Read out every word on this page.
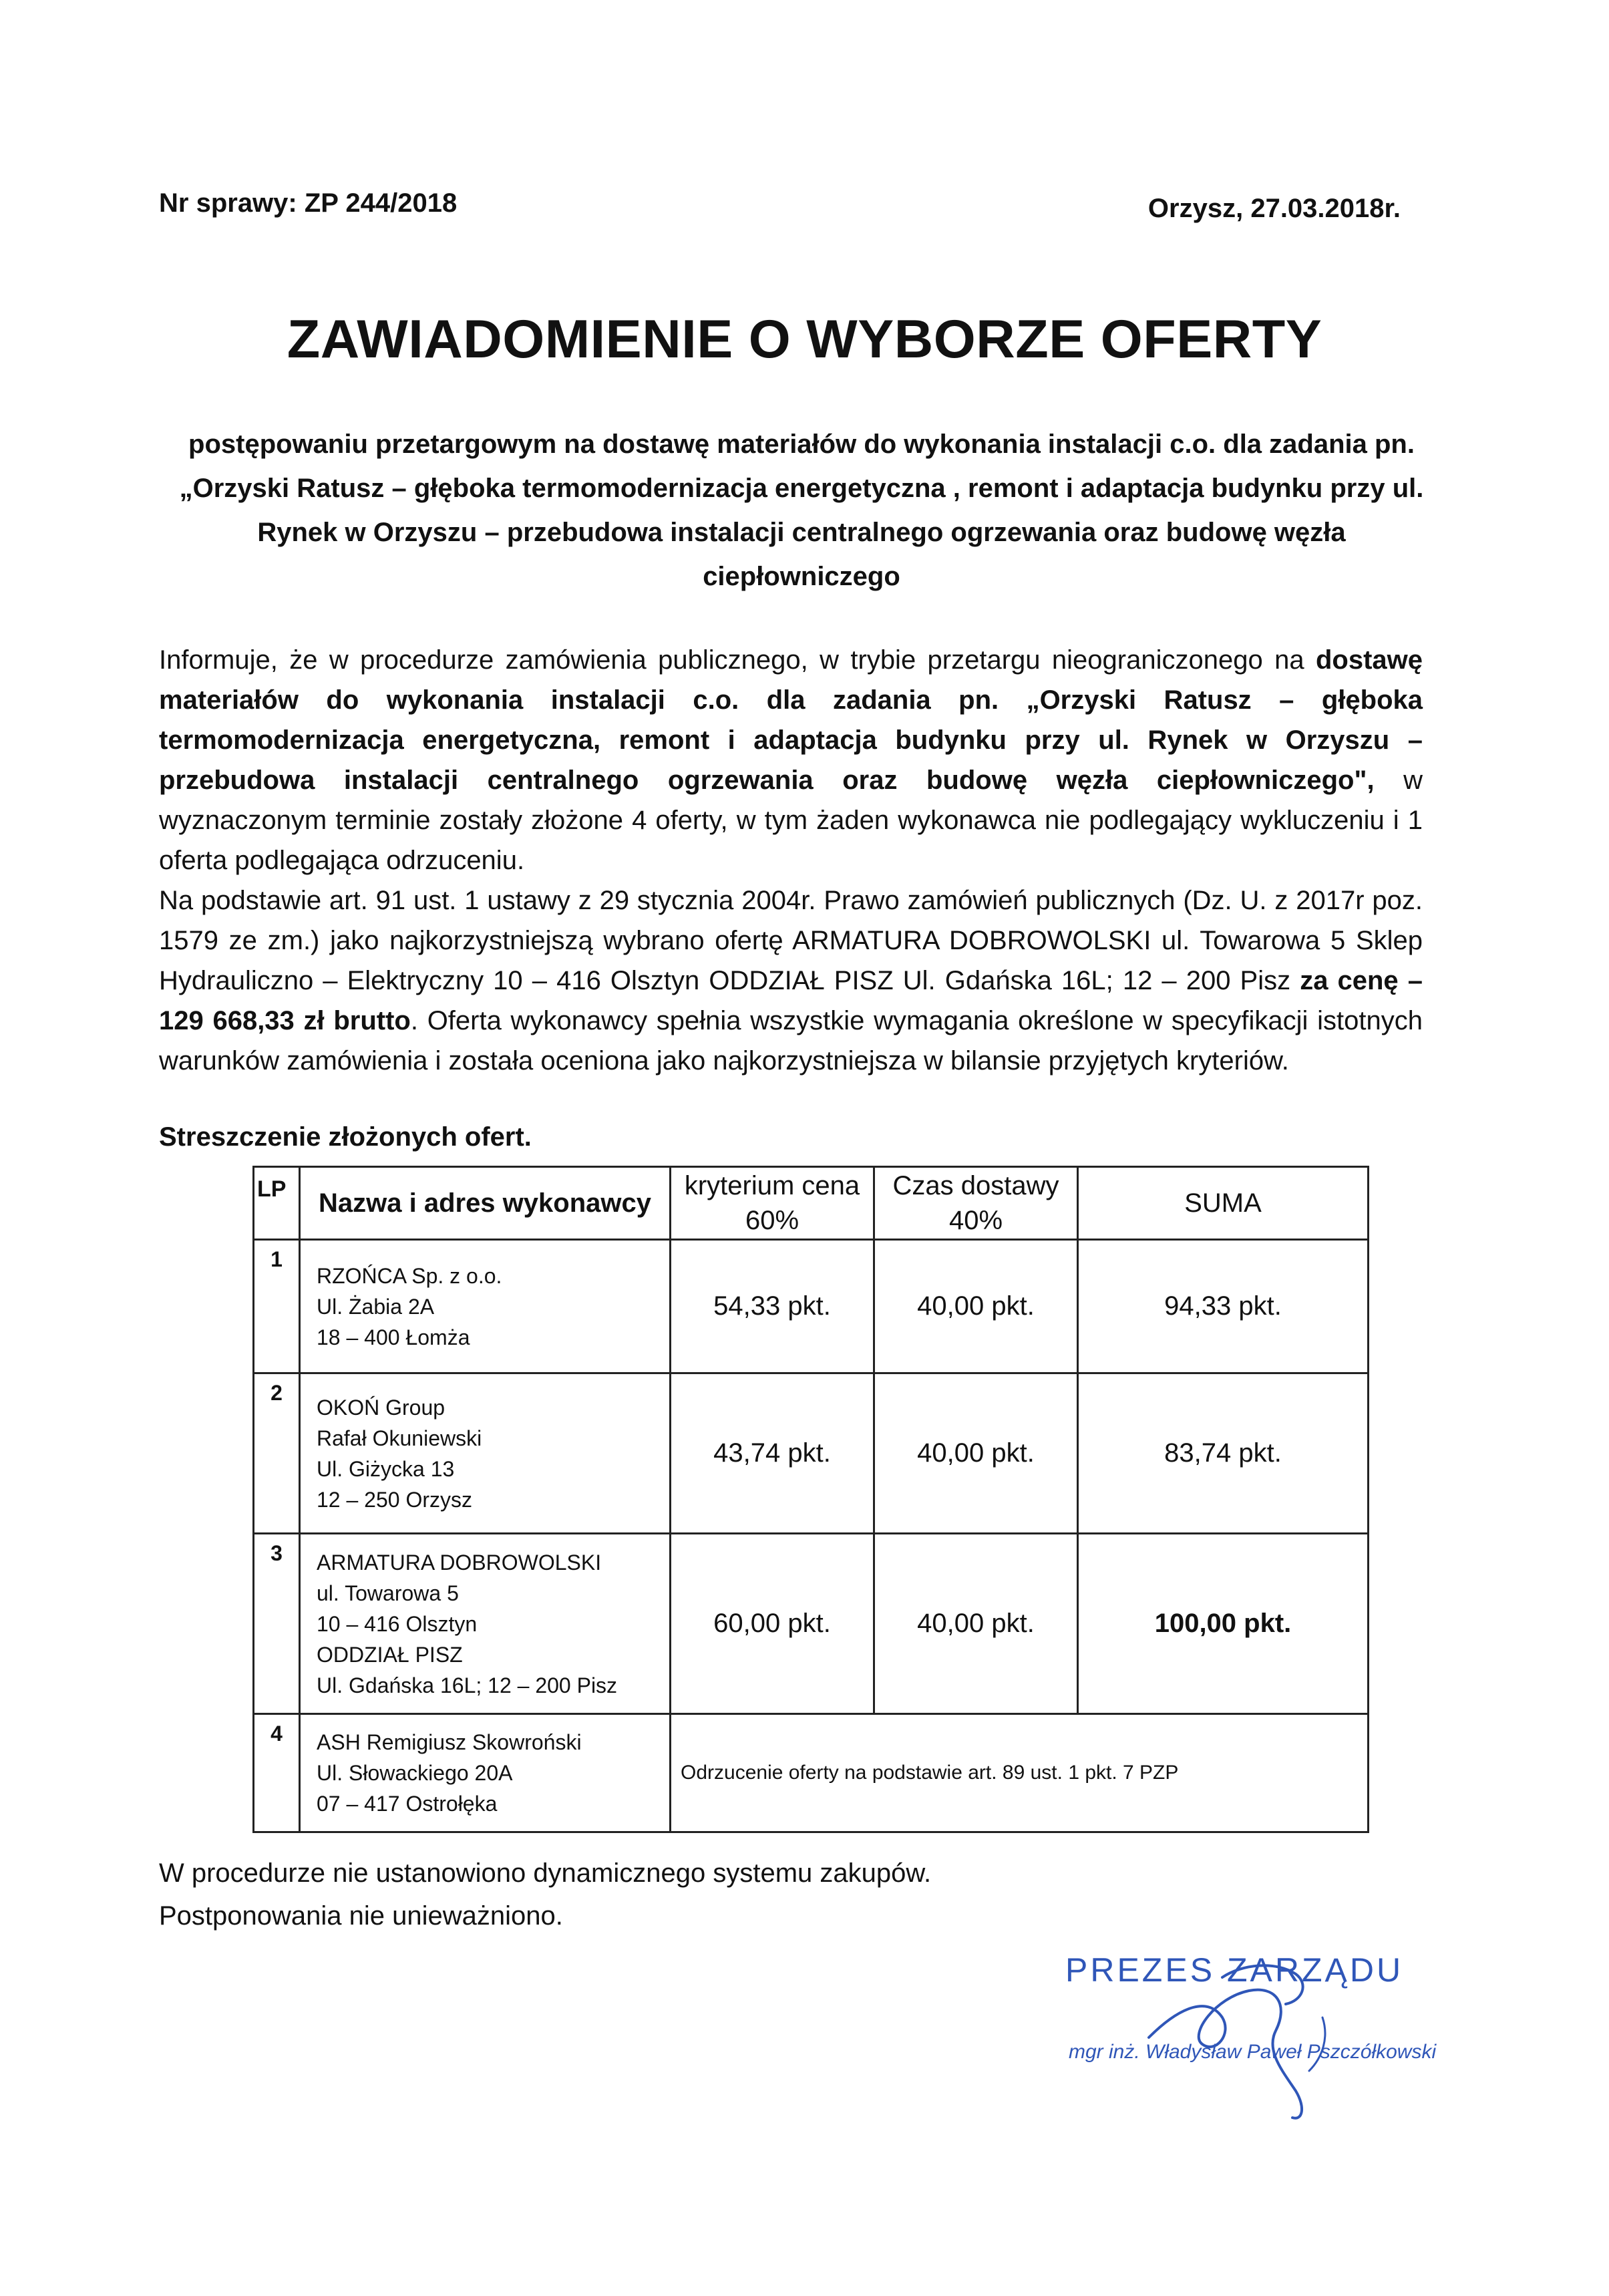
Nr sprawy: ZP 244/2018	Orzysz, 27.03.2018r.
ZAWIADOMIENIE O WYBORZE OFERTY
postępowaniu przetargowym na dostawę materiałów do wykonania instalacji c.o. dla zadania pn. „Orzyski Ratusz – głęboka termomodernizacja energetyczna , remont i adaptacja budynku przy ul. Rynek w Orzyszu – przebudowa instalacji centralnego ogrzewania oraz budowę węzła ciepłowniczego

Informuje, że w procedurze zamówienia publicznego, w trybie przetargu nieograniczonego na dostawę materiałów do wykonania instalacji c.o. dla zadania pn. „Orzyski Ratusz – głęboka termomodernizacja energetyczna, remont i adaptacja budynku przy ul. Rynek w Orzyszu – przebudowa instalacji centralnego ogrzewania oraz budowę węzła ciepłowniczego", w wyznaczonym terminie zostały złożone 4 oferty, w tym żaden wykonawca nie podlegający wykluczeniu i 1 oferta podlegająca odrzuceniu.

Na podstawie art. 91 ust. 1 ustawy z 29 stycznia 2004r. Prawo zamówień publicznych (Dz. U. z 2017r poz. 1579 ze zm.) jako najkorzystniejszą wybrano ofertę ARMATURA DOBROWOLSKI ul. Towarowa 5 Sklep Hydrauliczno – Elektryczny 10 – 416 Olsztyn ODDZIAŁ PISZ Ul. Gdańska 16L; 12 – 200 Pisz za cenę –129 668,33 zł brutto. Oferta wykonawcy spełnia wszystkie wymagania określone w specyfikacji istotnych warunków zamówienia i została oceniona jako najkorzystniejsza w bilansie przyjętych kryteriów.

Streszczenie złożonych ofert.
LP	Nazwa i adres wykonawcy	kryterium cena 60%	Czas dostawy 40%	SUMA
1	RZOŃCA Sp. z o.o.
Ul. Żabia 2A
18 – 400 Łomża	54,33 pkt.	40,00 pkt.	94,33 pkt.
2	OKOŃ Group
Rafał Okuniewski
Ul. Giżycka 13
12 – 250 Orzysz	43,74 pkt.	40,00 pkt.	83,74 pkt.
3	ARMATURA DOBROWOLSKI
ul. Towarowa 5
10 – 416 Olsztyn
ODDZIAŁ PISZ
Ul. Gdańska 16L; 12 – 200 Pisz	60,00 pkt.	40,00 pkt.	100,00 pkt.
4	ASH Remigiusz Skowroński
Ul. Słowackiego 20A
07 – 417 Ostrołęka	Odrzucenie oferty na podstawie art. 89 ust. 1 pkt. 7 PZP		

W procedurze nie ustanowiono dynamicznego systemu zakupów.

Postponowania nie unieważniono.

PREZES ZARZĄDU
mgr inż. Władysław Paweł Pszczółkowski
